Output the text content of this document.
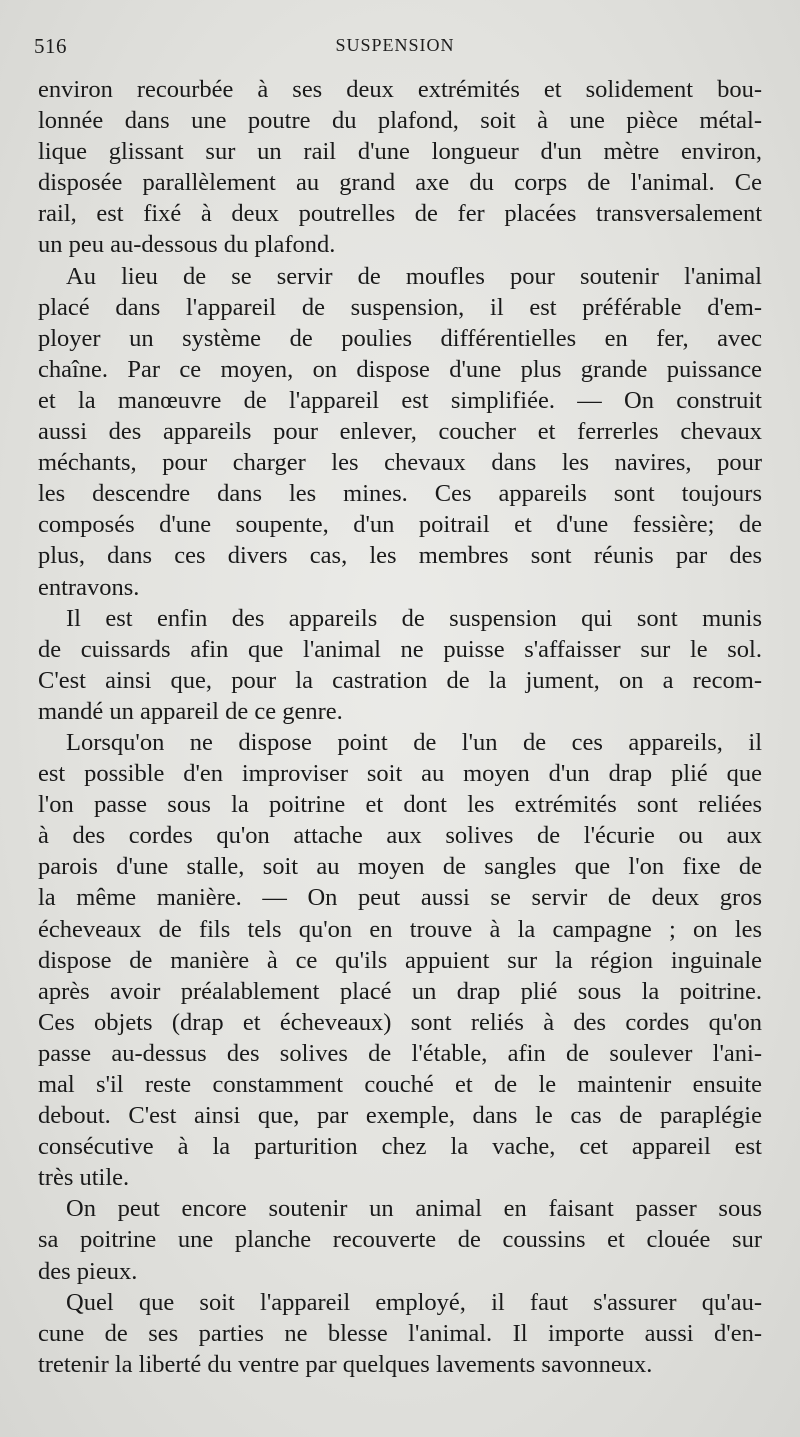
516	SUSPENSION
environ recourbée à ses deux extrémités et solidement bou-
lonnée dans une poutre du plafond, soit à une pièce métal-
lique glissant sur un rail d'une longueur d'un mètre environ,
disposée parallèlement au grand axe du corps de l'animal. Ce
rail, est fixé à deux poutrelles de fer placées transversalement
un peu au-dessous du plafond.
Au lieu de se servir de moufles pour soutenir l'animal
placé dans l'appareil de suspension, il est préférable d'em-
ployer un système de poulies différentielles en fer, avec
chaîne. Par ce moyen, on dispose d'une plus grande puissance
et la manœuvre de l'appareil est simplifiée. — On construit
aussi des appareils pour enlever, coucher et ferrerles chevaux
méchants, pour charger les chevaux dans les navires, pour
les descendre dans les mines. Ces appareils sont toujours
composés d'une soupente, d'un poitrail et d'une fessière; de
plus, dans ces divers cas, les membres sont réunis par des
entravons.
Il est enfin des appareils de suspension qui sont munis
de cuissards afin que l'animal ne puisse s'affaisser sur le sol.
C'est ainsi que, pour la castration de la jument, on a recom-
mandé un appareil de ce genre.
Lorsqu'on ne dispose point de l'un de ces appareils, il
est possible d'en improviser soit au moyen d'un drap plié que
l'on passe sous la poitrine et dont les extrémités sont reliées
à des cordes qu'on attache aux solives de l'écurie ou aux
parois d'une stalle, soit au moyen de sangles que l'on fixe de
la même manière. — On peut aussi se servir de deux gros
écheveaux de fils tels qu'on en trouve à la campagne ; on les
dispose de manière à ce qu'ils appuient sur la région inguinale
après avoir préalablement placé un drap plié sous la poitrine.
Ces objets (drap et écheveaux) sont reliés à des cordes qu'on
passe au-dessus des solives de l'étable, afin de soulever l'ani-
mal s'il reste constamment couché et de le maintenir ensuite
debout. C'est ainsi que, par exemple, dans le cas de paraplégie
consécutive à la parturition chez la vache, cet appareil est
très utile.
On peut encore soutenir un animal en faisant passer sous
sa poitrine une planche recouverte de coussins et clouée sur
des pieux.
Quel que soit l'appareil employé, il faut s'assurer qu'au-
cune de ses parties ne blesse l'animal. Il importe aussi d'en-
tretenir la liberté du ventre par quelques lavements savonneux.
